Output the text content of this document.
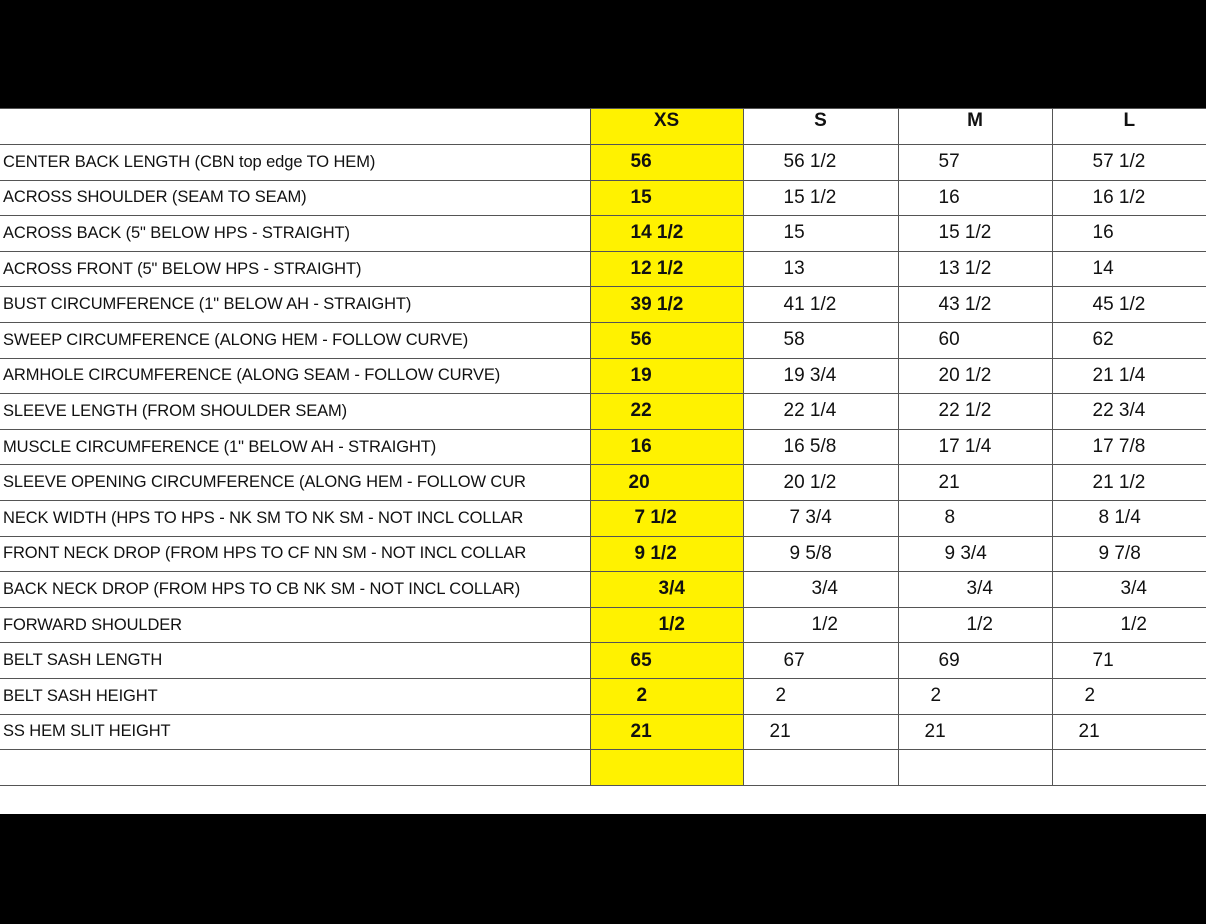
	XS	S	M	L
CENTER BACK LENGTH (CBN top edge TO HEM)	56	56 1/2	57	57 1/2
ACROSS SHOULDER (SEAM TO SEAM)	15	15 1/2	16	16 1/2
ACROSS BACK (5" BELOW HPS - STRAIGHT)	14 1/2	15	15 1/2	16
ACROSS FRONT (5" BELOW HPS - STRAIGHT)	12 1/2	13	13 1/2	14
BUST CIRCUMFERENCE (1" BELOW AH - STRAIGHT)	39 1/2	41 1/2	43 1/2	45 1/2
SWEEP CIRCUMFERENCE (ALONG HEM - FOLLOW CURVE)	56	58	60	62
ARMHOLE CIRCUMFERENCE (ALONG SEAM - FOLLOW CURVE)	19	19 3/4	20 1/2	21 1/4
SLEEVE LENGTH (FROM SHOULDER SEAM)	22	22 1/4	22 1/2	22 3/4
MUSCLE CIRCUMFERENCE (1" BELOW AH - STRAIGHT)	16	16 5/8	17 1/4	17 7/8
SLEEVE OPENING CIRCUMFERENCE (ALONG HEM - FOLLOW CUR	20	20 1/2	21	21 1/2
NECK WIDTH (HPS TO HPS - NK SM TO NK SM - NOT INCL COLLAR	7 1/2	7 3/4	8	8 1/4
FRONT NECK DROP (FROM HPS TO CF NN SM - NOT INCL COLLAR	9 1/2	9 5/8	9 3/4	9 7/8
BACK NECK DROP (FROM HPS TO CB NK SM - NOT INCL COLLAR)	3/4	3/4	3/4	3/4
FORWARD SHOULDER	1/2	1/2	1/2	1/2
BELT SASH LENGTH	65	67	69	71
BELT SASH HEIGHT	2	2	2	2
SS HEM SLIT HEIGHT	21	21	21	21
